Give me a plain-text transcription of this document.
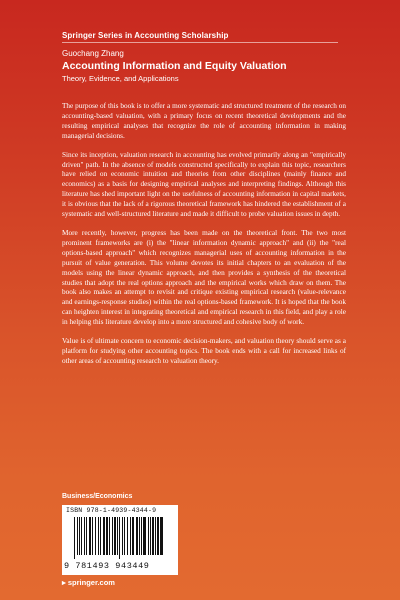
Springer Series in Accounting Scholarship
Guochang Zhang
Accounting Information and Equity Valuation
Theory, Evidence, and Applications

The purpose of this book is to offer a more systematic and structured treatment of the research on accounting-based valuation, with a primary focus on recent theoretical developments and the resulting empirical analyses that recognize the role of accounting information in making managerial decisions.

Since its inception, valuation research in accounting has evolved primarily along an "empirically driven" path. In the absence of models constructed specifically to explain this topic, researchers have relied on economic intuition and theories from other disciplines (mainly finance and economics) as a basis for designing empirical analyses and interpreting findings. Although this literature has shed important light on the usefulness of accounting information in capital markets, it is obvious that the lack of a rigorous theoretical framework has hindered the establishment of a systematic and well-structured literature and made it difficult to probe valuation issues in depth.

More recently, however, progress has been made on the theoretical front. The two most prominent frameworks are (i) the "linear information dynamic approach" and (ii) the "real options-based approach" which recognizes managerial uses of accounting information in the pursuit of value generation. This volume devotes its initial chapters to an evaluation of the models using the linear dynamic approach, and then provides a synthesis of the theoretical studies that adopt the real options approach and the empirical works which draw on them. The book also makes an attempt to revisit and critique existing empirical research (value-relevance and earnings-response studies) within the real options-based framework. It is hoped that the book can heighten interest in integrating theoretical and empirical research in this field, and play a role in helping this literature develop into a more structured and cohesive body of work.

Value is of ultimate concern to economic decision-makers, and valuation theory should serve as a platform for studying other accounting topics. The book ends with a call for increased links of other areas of accounting research to valuation theory.

Business/Economics
ISBN 978-1-4939-4344-9
9 781493 943449
▸ springer.com
